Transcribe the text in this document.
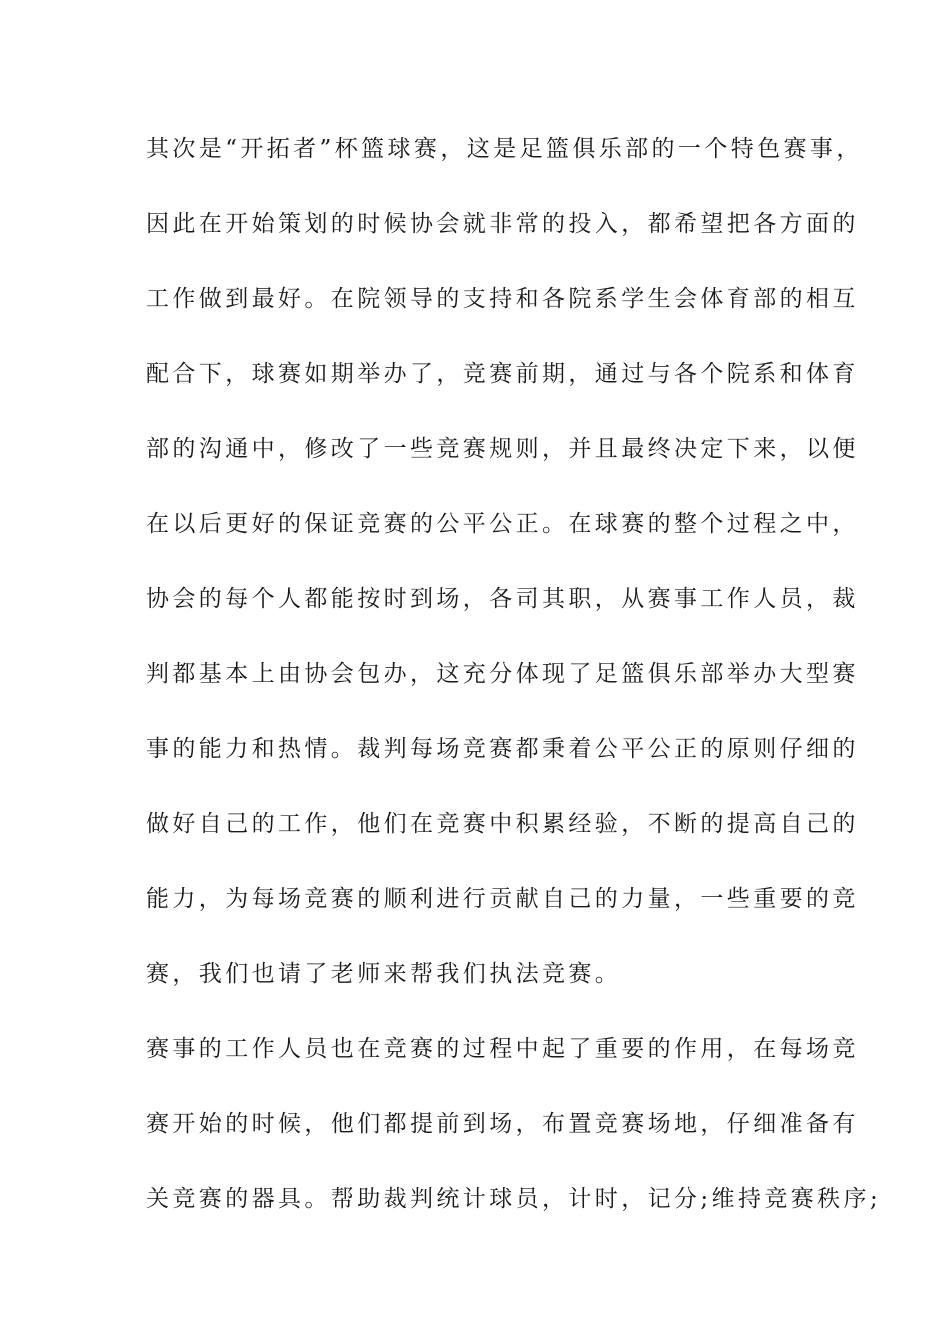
其次是“开拓者”杯篮球赛，这是足篮俱乐部的一个特色赛事，
因此在开始策划的时候协会就非常的投入，都希望把各方面的
工作做到最好。在院领导的支持和各院系学生会体育部的相互
配合下，球赛如期举办了，竞赛前期，通过与各个院系和体育
部的沟通中，修改了一些竞赛规则，并且最终决定下来，以便
在以后更好的保证竞赛的公平公正。在球赛的整个过程之中，
协会的每个人都能按时到场，各司其职，从赛事工作人员，裁
判都基本上由协会包办，这充分体现了足篮俱乐部举办大型赛
事的能力和热情。裁判每场竞赛都秉着公平公正的原则仔细的
做好自己的工作，他们在竞赛中积累经验，不断的提高自己的
能力，为每场竞赛的顺利进行贡献自己的力量，一些重要的竞
赛，我们也请了老师来帮我们执法竞赛。
赛事的工作人员也在竞赛的过程中起了重要的作用，在每场竞
赛开始的时候，他们都提前到场，布置竞赛场地，仔细准备有
关竞赛的器具。帮助裁判统计球员，计时，记分;维持竞赛秩序;
